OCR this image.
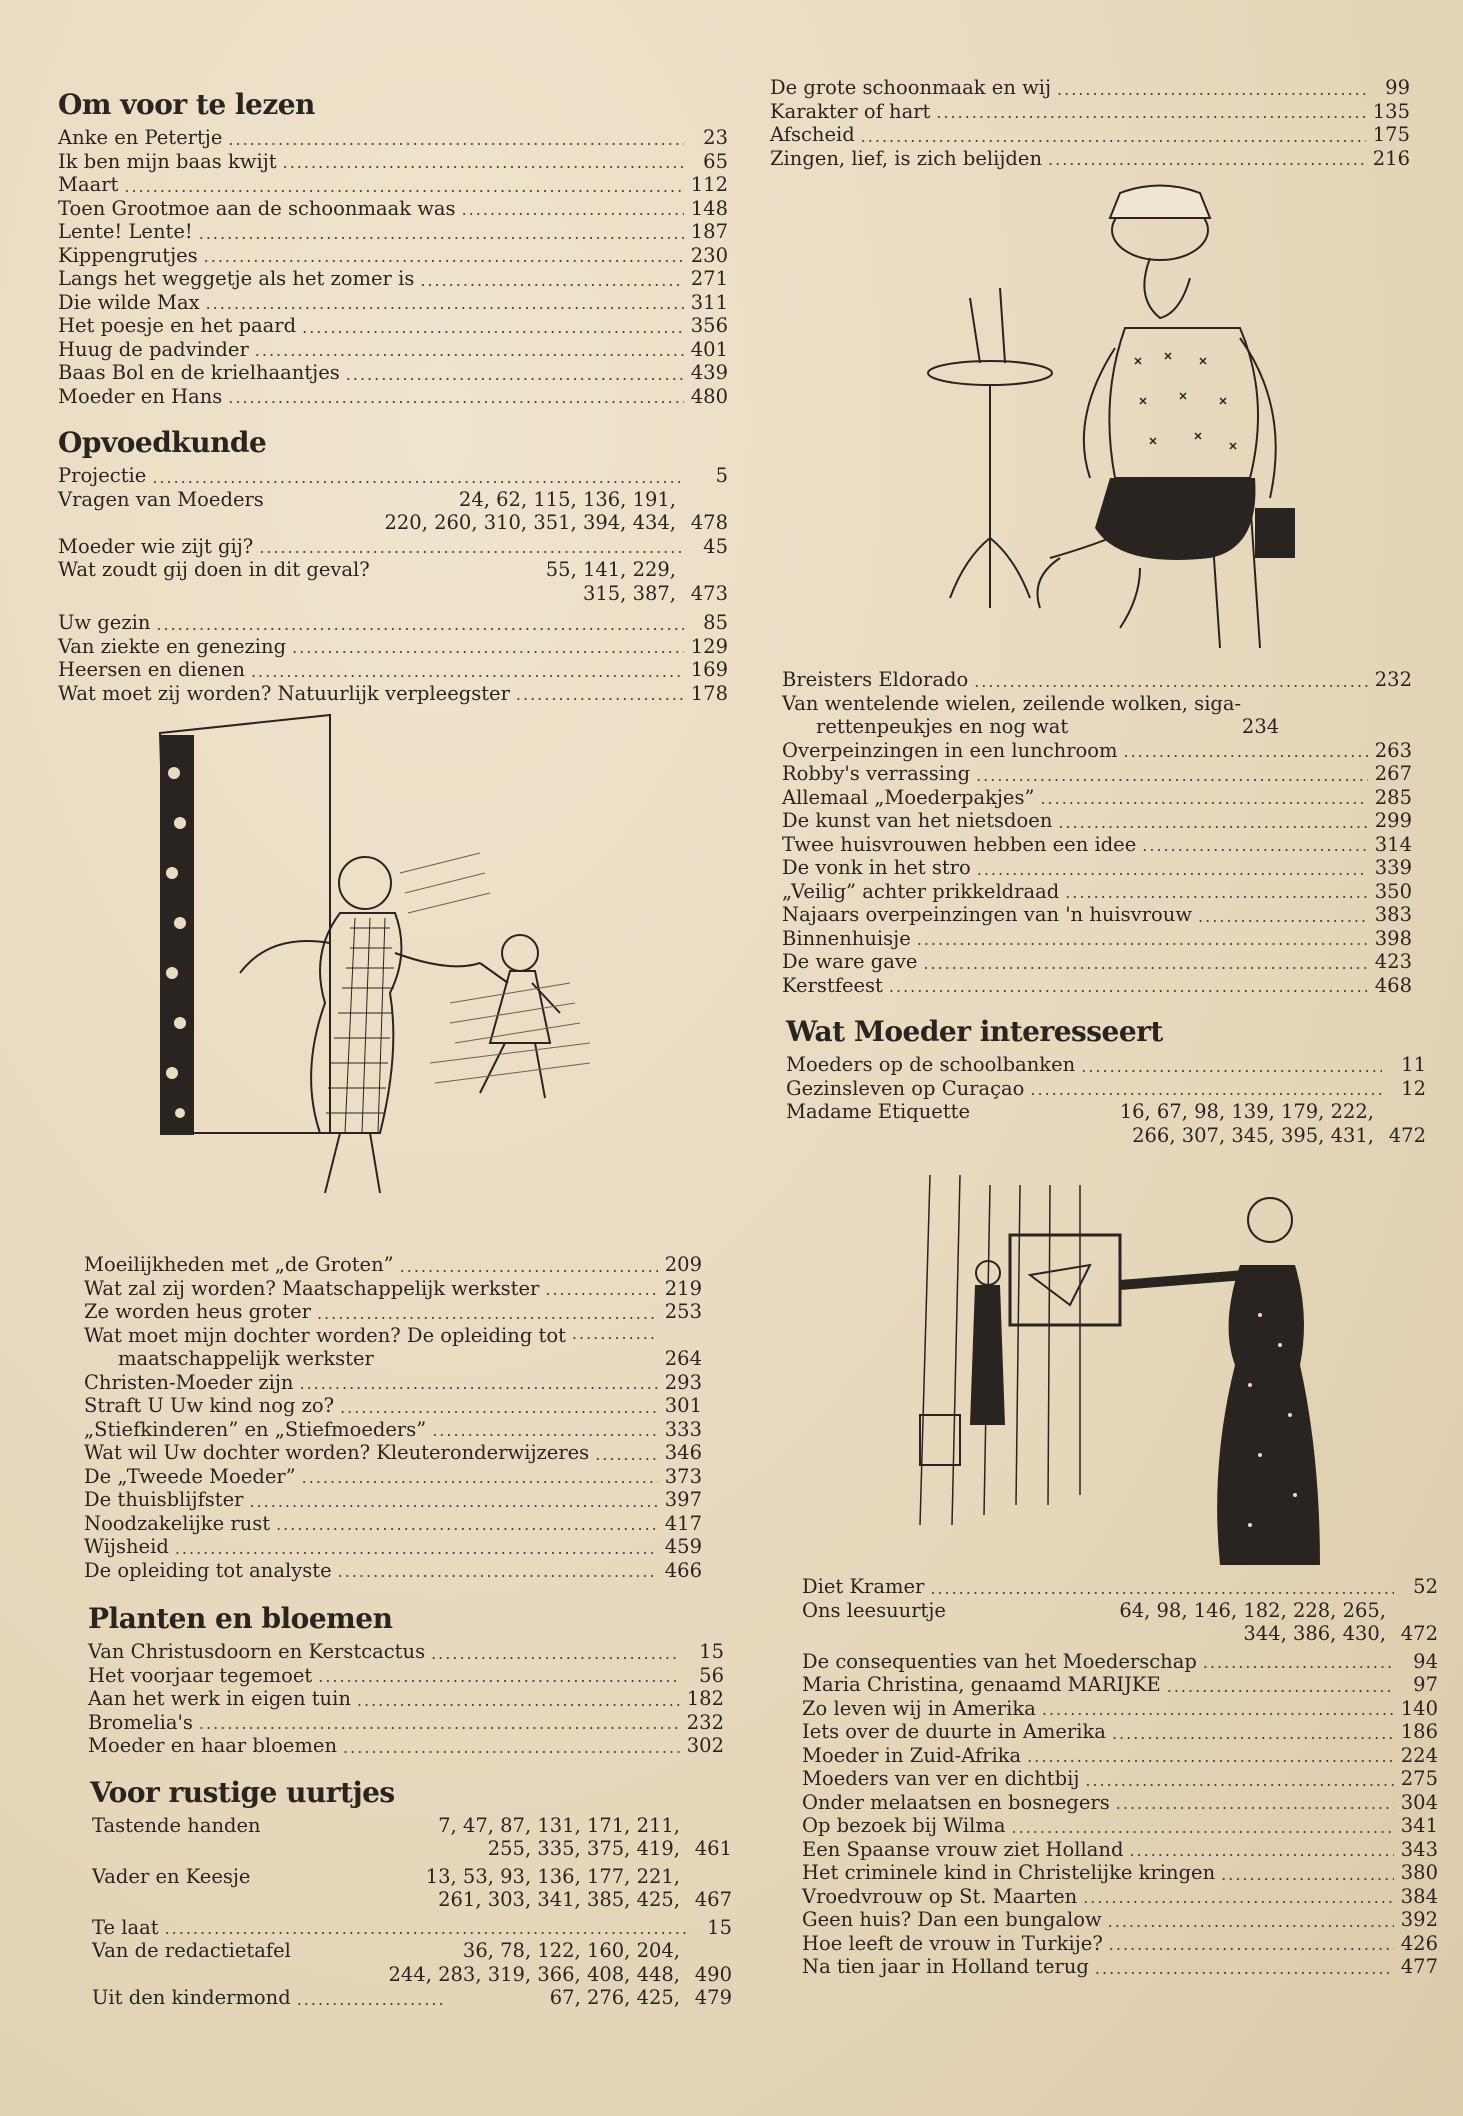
Om voor te lezen
Anke en Petertje .....	23
Ik ben mijn baas kwijt .....	65
Maart .....	112
Toen Grootmoe aan de schoonmaak was .....	148
Lente! Lente! .....	187
Kippengrutjes .....	230
Langs het weggetje als het zomer is .....	271
Die wilde Max .....	311
Het poesje en het paard .....	356
Huug de padvinder .....	401
Baas Bol en de krielhaantjes .....	439
Moeder en Hans .....	480
Opvoedkunde
Projectie .....	5
Vragen van Moeders	24, 62, 115, 136, 191,
220, 260, 310, 351, 394, 434, 478
Moeder wie zijt gij? .....	45
Wat zoudt gij doen in dit geval?	55, 141, 229,
315, 387, 473
Uw gezin .....	85
Van ziekte en genezing .....	129
Heersen en dienen .....	169
Wat moet zij worden? Natuurlijk verpleegster .....	178
Moeilijkheden met „de Groten” .....	209
Wat zal zij worden? Maatschappelijk werkster .....	219
Ze worden heus groter .....	253
Wat moet mijn dochter worden? De opleiding tot
maatschappelijk werkster
.....	264
Christen-Moeder zijn .....	293
Straft U Uw kind nog zo? .....	301
„Stiefkinderen” en „Stiefmoeders” .....	333
Wat wil Uw dochter worden? Kleuteronderwijzeres .....	346
De „Tweede Moeder” .....	373
De thuisblijfster .....	397
Noodzakelijke rust .....	417
Wijsheid .....	459
De opleiding tot analyste .....	466
Planten en bloemen
Van Christusdoorn en Kerstcactus .....	15
Het voorjaar tegemoet .....	56
Aan het werk in eigen tuin .....	182
Bromelia's .....	232
Moeder en haar bloemen .....	302
Voor rustige uurtjes
Tastende handen	7, 47, 87, 131, 171, 211,
255, 335, 375, 419, 461
Vader en Keesje	13, 53, 93, 136, 177, 221,
261, 303, 341, 385, 425, 467
Te laat .....	15
Van de redactietafel	36, 78, 122, 160, 204,
244, 283, 319, 366, 408, 448, 490
Uit den kindermond .....	67, 276, 425, 479
De grote schoonmaak en wij .....	99
Karakter of hart .....	135
Afscheid .....	175
Zingen, lief, is zich belijden .....	216
Breisters Eldorado .....	232
Van wentelende wielen, zeilende wolken, siga-
rettenpeukjes en nog wat	234
Overpeinzingen in een lunchroom .....	263
Robby's verrassing .....	267
Allemaal „Moederpakjes” .....	285
De kunst van het nietsdoen .....	299
Twee huisvrouwen hebben een idee .....	314
De vonk in het stro .....	339
„Veilig” achter prikkeldraad .....	350
Najaars overpeinzingen van 'n huisvrouw .....	383
Binnenhuisje .....	398
De ware gave .....	423
Kerstfeest .....	468
Wat Moeder interesseert
Moeders op de schoolbanken .....	11
Gezinsleven op Curaçao .....	12
Madame Etiquette	16, 67, 98, 139, 179, 222,
266, 307, 345, 395, 431, 472
Diet Kramer .....	52
Ons leesuurtje	64, 98, 146, 182, 228, 265,
344, 386, 430, 472
De consequenties van het Moederschap .....	94
Maria Christina, genaamd MARIJKE .....	97
Zo leven wij in Amerika .....	140
Iets over de duurte in Amerika .....	186
Moeder in Zuid-Afrika .....	224
Moeders van ver en dichtbij .....	275
Onder melaatsen en bosnegers .....	304
Op bezoek bij Wilma .....	341
Een Spaanse vrouw ziet Holland .....	343
Het criminele kind in Christelijke kringen .....	380
Vroedvrouw op St. Maarten .....	384
Geen huis? Dan een bungalow .....	392
Hoe leeft de vrouw in Turkije? .....	426
Na tien jaar in Holland terug .....	477
